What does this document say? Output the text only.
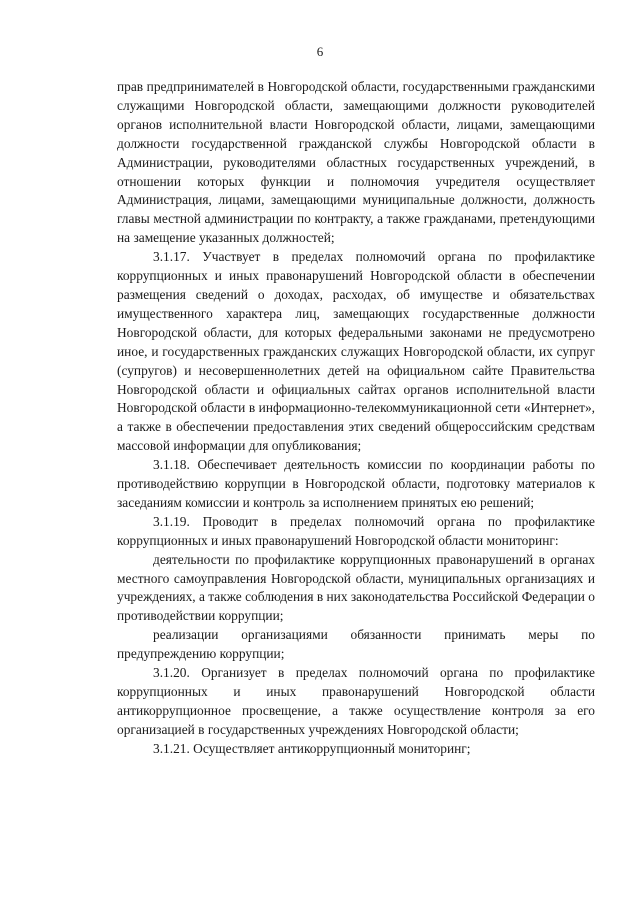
6

прав предпринимателей в Новгородской области, государственными гражданскими служащими Новгородской области, замещающими должности руководителей органов исполнительной власти Новгородской области, лицами, замещающими должности государственной гражданской службы Новгородской области в Администрации, руководителями областных государственных учреждений, в отношении которых функции и полномочия учредителя осуществляет Администрация, лицами, замещающими муниципальные должности, должность главы местной администрации по контракту, а также гражданами, претендующими на замещение указанных должностей;

3.1.17. Участвует в пределах полномочий органа по профилактике коррупционных и иных правонарушений Новгородской области в обеспечении размещения сведений о доходах, расходах, об имуществе и обязательствах имущественного характера лиц, замещающих государственные должности Новгородской области, для которых федеральными законами не предусмотрено иное, и государственных гражданских служащих Новгородской области, их супруг (супругов) и несовершеннолетних детей на официальном сайте Правительства Новгородской области и официальных сайтах органов исполнительной власти Новгородской области в информационно-телекоммуникационной сети «Интернет», а также в обеспечении предоставления этих сведений общероссийским средствам массовой информации для опубликования;

3.1.18. Обеспечивает деятельность комиссии по координации работы по противодействию коррупции в Новгородской области, подготовку материалов к заседаниям комиссии и контроль за исполнением принятых ею решений;

3.1.19. Проводит в пределах полномочий органа по профилактике коррупционных и иных правонарушений Новгородской области мониторинг:

деятельности по профилактике коррупционных правонарушений в органах местного самоуправления Новгородской области, муниципальных организациях и учреждениях, а также соблюдения в них законодательства Российской Федерации о противодействии коррупции;

реализации организациями обязанности принимать меры по предупреждению коррупции;

3.1.20. Организует в пределах полномочий органа по профилактике коррупционных и иных правонарушений Новгородской области антикоррупционное просвещение, а также осуществление контроля за его организацией в государственных учреждениях Новгородской области;

3.1.21. Осуществляет антикоррупционный мониторинг;
